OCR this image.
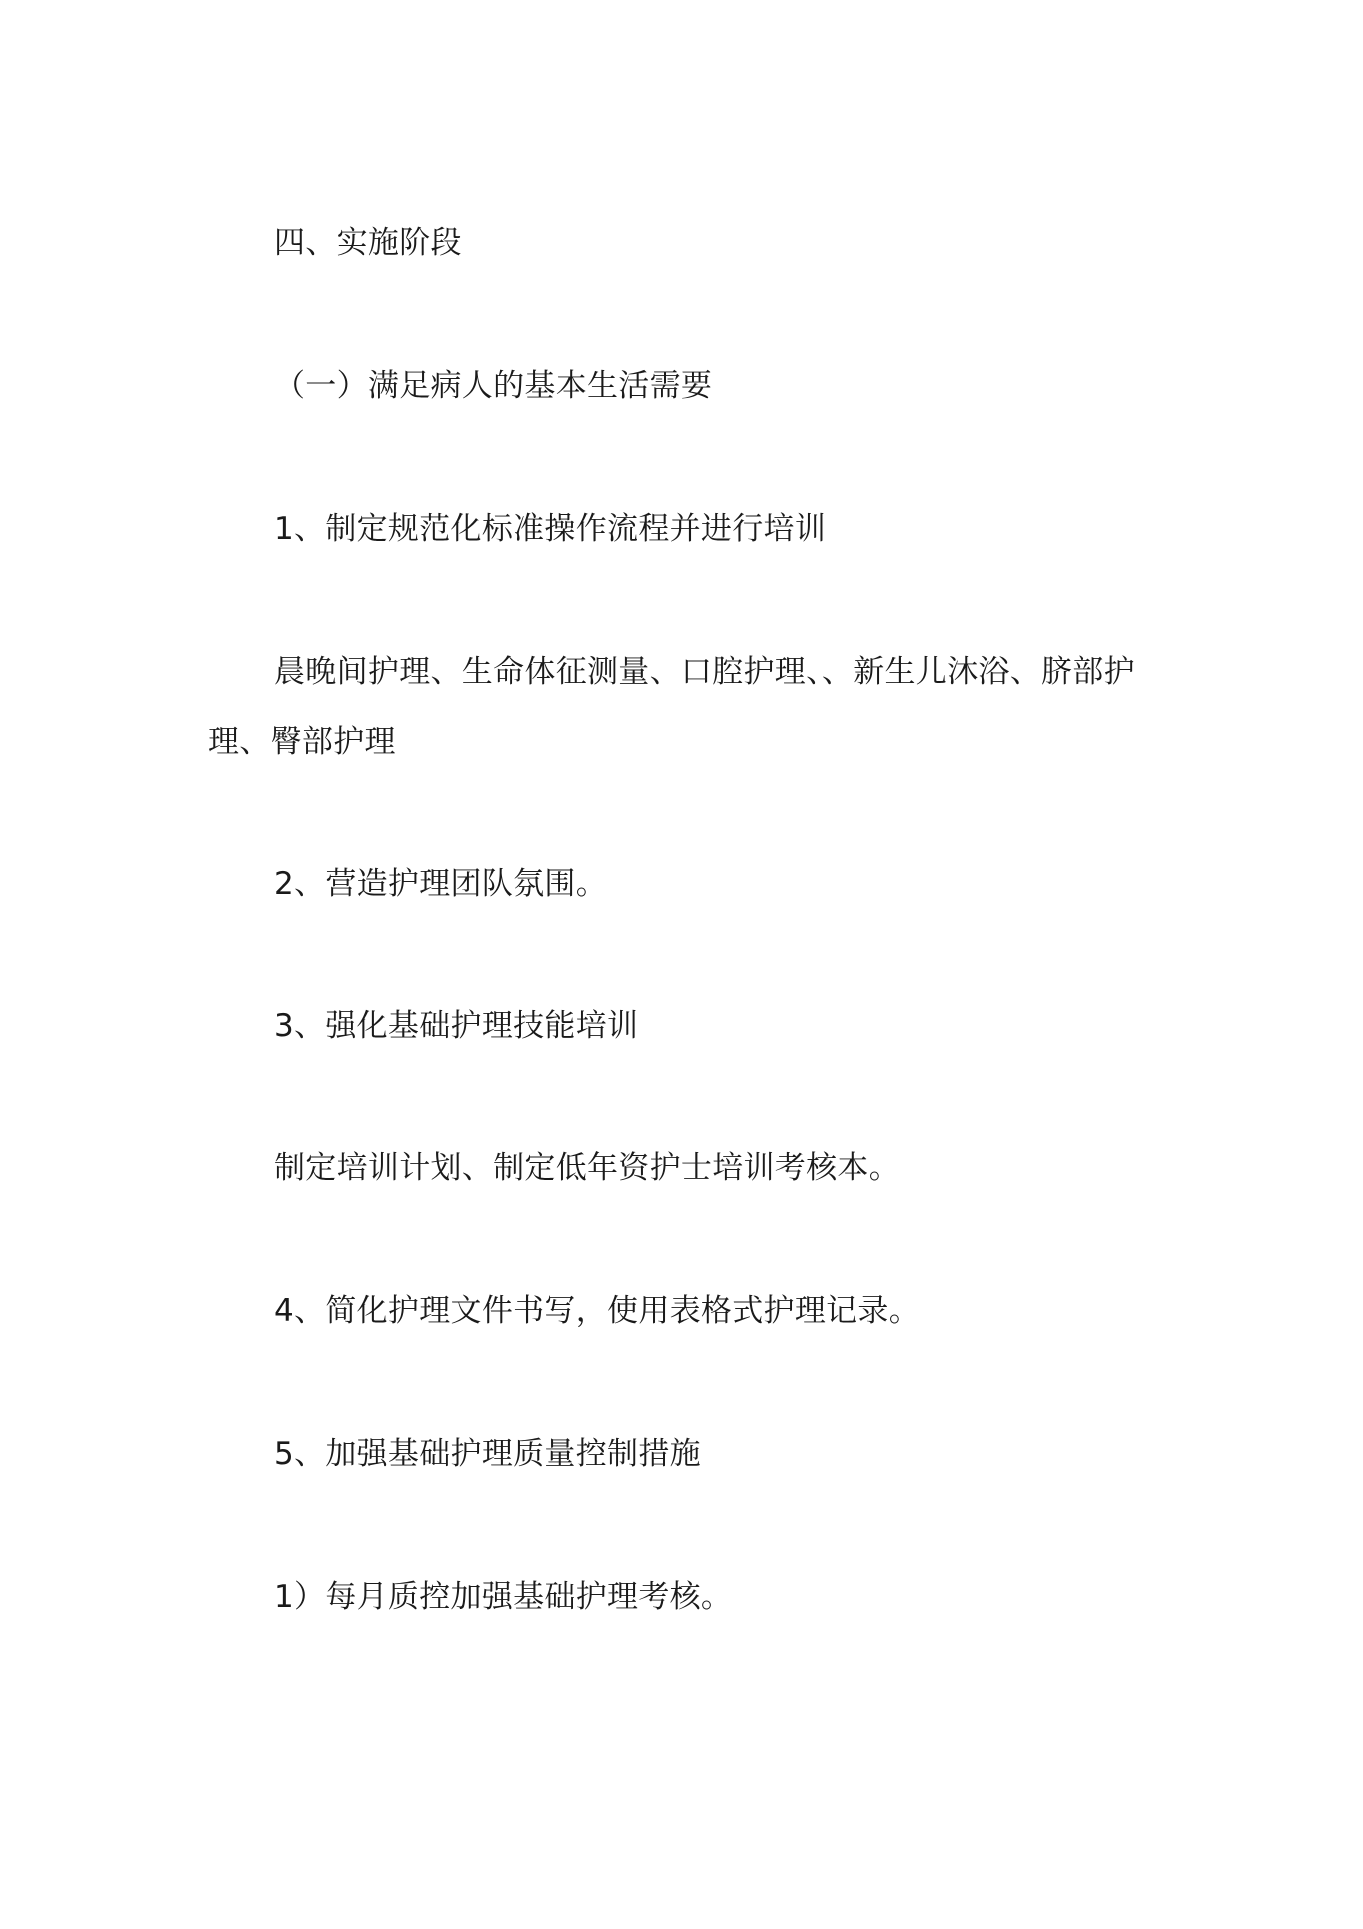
四、实施阶段

（一）满足病人的基本生活需要

1、制定规范化标准操作流程并进行培训

晨晚间护理、生命体征测量、口腔护理、、新生儿沐浴、脐部护理、臀部护理

2、营造护理团队氛围。

3、强化基础护理技能培训

制定培训计划、制定低年资护士培训考核本。

4、简化护理文件书写，使用表格式护理记录。

5、加强基础护理质量控制措施

1）每月质控加强基础护理考核。
